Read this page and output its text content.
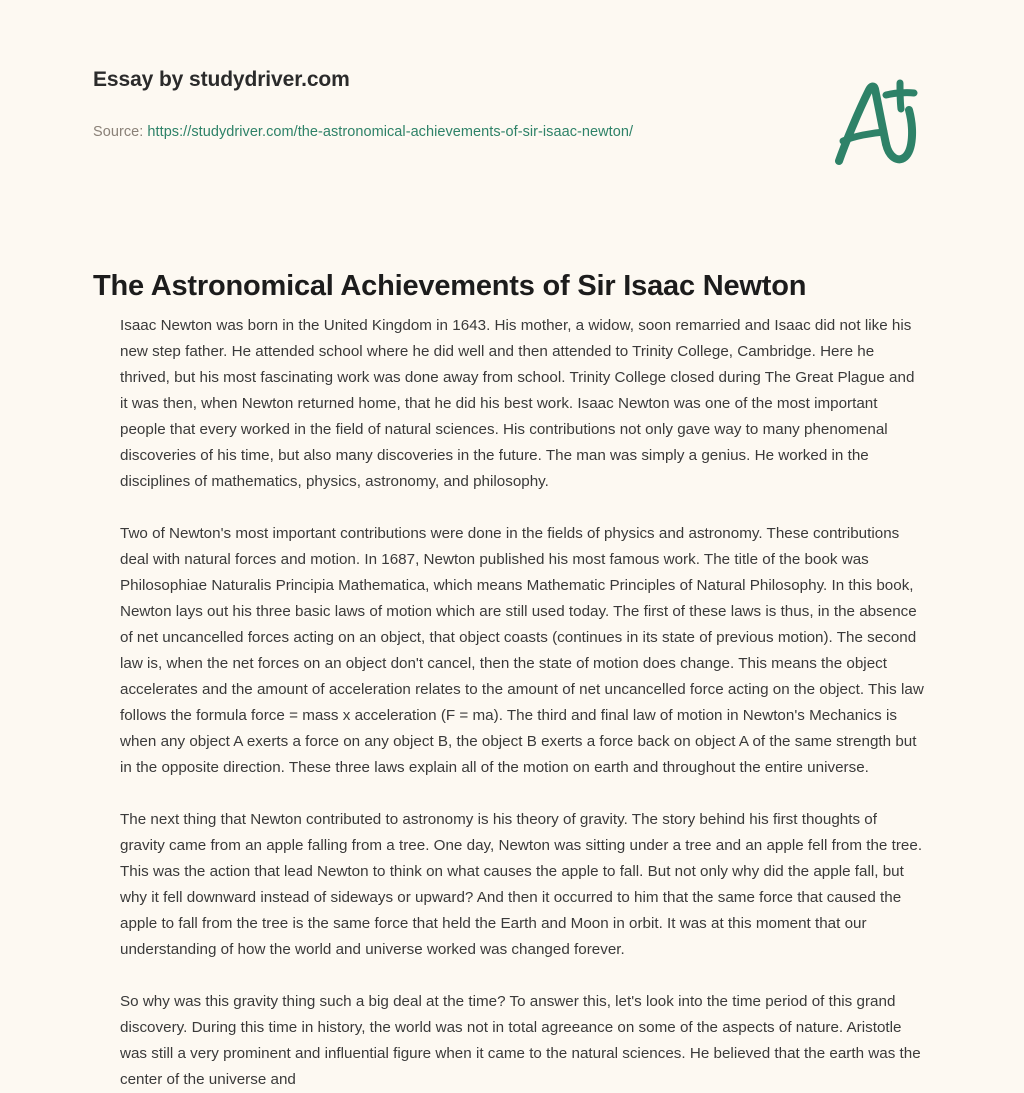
Essay by studydriver.com
Source: https://studydriver.com/the-astronomical-achievements-of-sir-isaac-newton/
The Astronomical Achievements of Sir Isaac Newton

Isaac Newton was born in the United Kingdom in 1643. His mother, a widow, soon remarried and Isaac did not like his new step father. He attended school where he did well and then attended to Trinity College, Cambridge. Here he thrived, but his most fascinating work was done away from school. Trinity College closed during The Great Plague and it was then, when Newton returned home, that he did his best work. Isaac Newton was one of the most important people that every worked in the field of natural sciences. His contributions not only gave way to many phenomenal discoveries of his time, but also many discoveries in the future. The man was simply a genius. He worked in the disciplines of mathematics, physics, astronomy, and philosophy.

Two of Newton's most important contributions were done in the fields of physics and astronomy. These contributions deal with natural forces and motion. In 1687, Newton published his most famous work. The title of the book was Philosophiae Naturalis Principia Mathematica, which means Mathematic Principles of Natural Philosophy. In this book, Newton lays out his three basic laws of motion which are still used today. The first of these laws is thus, in the absence of net uncancelled forces acting on an object, that object coasts (continues in its state of previous motion). The second law is, when the net forces on an object don't cancel, then the state of motion does change. This means the object accelerates and the amount of acceleration relates to the amount of net uncancelled force acting on the object. This law follows the formula force = mass x acceleration (F = ma). The third and final law of motion in Newton's Mechanics is when any object A exerts a force on any object B, the object B exerts a force back on object A of the same strength but in the opposite direction. These three laws explain all of the motion on earth and throughout the entire universe.

The next thing that Newton contributed to astronomy is his theory of gravity. The story behind his first thoughts of gravity came from an apple falling from a tree. One day, Newton was sitting under a tree and an apple fell from the tree. This was the action that lead Newton to think on what causes the apple to fall. But not only why did the apple fall, but why it fell downward instead of sideways or upward? And then it occurred to him that the same force that caused the apple to fall from the tree is the same force that held the Earth and Moon in orbit. It was at this moment that our understanding of how the world and universe worked was changed forever.

So why was this gravity thing such a big deal at the time? To answer this, let's look into the time period of this grand discovery. During this time in history, the world was not in total agreeance on some of the aspects of nature. Aristotle was still a very prominent and influential figure when it came to the natural sciences. He believed that the earth was the center of the universe and
